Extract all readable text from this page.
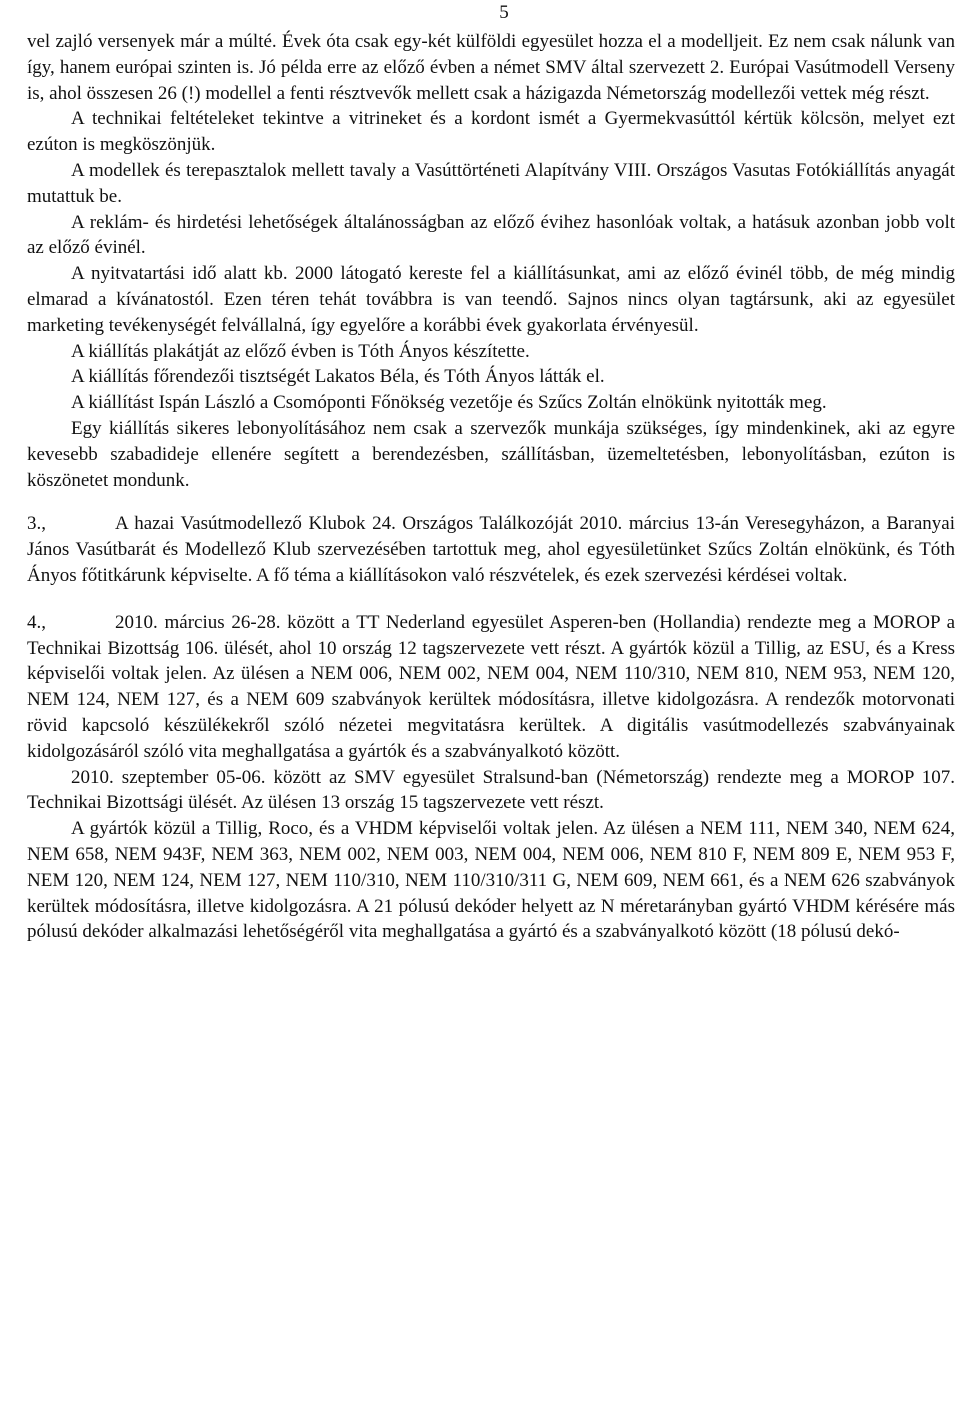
5

vel zajló versenyek már a múlté. Évek óta csak egy-két külföldi egyesület hozza el a modelljeit. Ez nem csak nálunk van így, hanem európai szinten is. Jó példa erre az előző évben a német SMV által szervezett 2. Európai Vasútmodell Verseny is, ahol összesen 26 (!) modellel a fenti résztvevők mellett csak a házigazda Németország modellezői vettek még részt.

A technikai feltételeket tekintve a vitrineket és a kordont ismét a Gyermekvasúttól kértük kölcsön, melyet ezt ezúton is megköszönjük.

A modellek és terepasztalok mellett tavaly a Vasúttörténeti Alapítvány VIII. Országos Vasutas Fotókiállítás anyagát mutattuk be.

A reklám- és hirdetési lehetőségek általánosságban az előző évihez hasonlóak voltak, a hatásuk azonban jobb volt az előző évinél.

A nyitvatartási idő alatt kb. 2000 látogató kereste fel a kiállításunkat, ami az előző évinél több, de még mindig elmarad a kívánatostól. Ezen téren tehát továbbra is van teendő. Sajnos nincs olyan tagtársunk, aki az egyesület marketing tevékenységét felvállalná, így egyelőre a korábbi évek gyakorlata érvényesül.

A kiállítás plakátját az előző évben is Tóth Ányos készítette.

A kiállítás főrendezői tisztségét Lakatos Béla, és Tóth Ányos látták el.

A kiállítást Ispán László a Csomóponti Főnökség vezetője és Szűcs Zoltán elnökünk nyitották meg.

Egy kiállítás sikeres lebonyolításához nem csak a szervezők munkája szükséges, így mindenkinek, aki az egyre kevesebb szabadideje ellenére segített a berendezésben, szállításban, üzemeltetésben, lebonyolításban, ezúton is köszönetet mondunk.

3.,	A hazai Vasútmodellező Klubok 24. Országos Találkozóját 2010. március 13-án Veresegyházon, a Baranyai János Vasútbarát és Modellező Klub szervezésében tartottuk meg, ahol egyesületünket Szűcs Zoltán elnökünk, és Tóth Ányos főtitkárunk képviselte. A fő téma a kiállításokon való részvételek, és ezek szervezési kérdései voltak.

4.,	2010. március 26-28. között a TT Nederland egyesület Asperen-ben (Hollandia) rendezte meg a MOROP a Technikai Bizottság 106. ülését, ahol 10 ország 12 tagszervezete vett részt. A gyártók közül a Tillig, az ESU, és a Kress képviselői voltak jelen. Az ülésen a NEM 006, NEM 002, NEM 004, NEM 110/310, NEM 810, NEM 953, NEM 120, NEM 124, NEM 127, és a NEM 609 szabványok kerültek módosításra, illetve kidolgozásra. A rendezők motorvonati rövid kapcsoló készülékekről szóló nézetei megvitatásra kerültek. A digitális vasútmodellezés szabványainak kidolgozásáról szóló vita meghallgatása a gyártók és a szabványalkotó között.

2010. szeptember 05-06. között az SMV egyesület Stralsund-ban (Németország) rendezte meg a MOROP 107. Technikai Bizottsági ülését. Az ülésen 13 ország 15 tagszervezete vett részt.

A gyártók közül a Tillig, Roco, és a VHDM képviselői voltak jelen. Az ülésen a NEM 111, NEM 340, NEM 624, NEM 658, NEM 943F, NEM 363, NEM 002, NEM 003, NEM 004, NEM 006, NEM 810 F, NEM 809 E, NEM 953 F, NEM 120, NEM 124, NEM 127, NEM 110/310, NEM 110/310/311 G, NEM 609, NEM 661, és a NEM 626 szabványok kerültek módosításra, illetve kidolgozásra. A 21 pólusú dekóder helyett az N méretarányban gyártó VHDM kérésére más pólusú dekóder alkalmazási lehetőségéről vita meghallgatása a gyártó és a szabványalkotó között (18 pólusú dekó-
